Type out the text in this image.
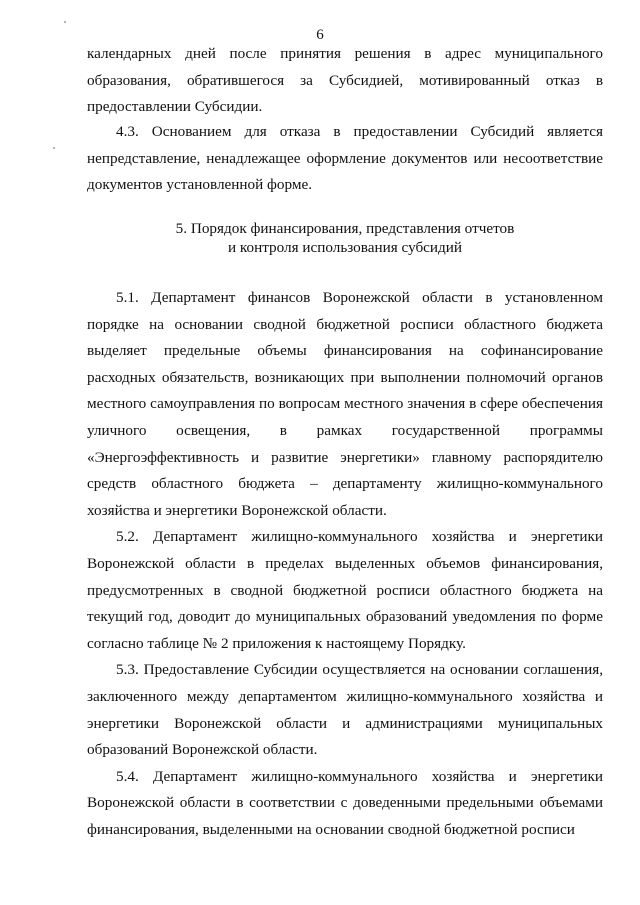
6

календарных дней после принятия решения в адрес муниципального образования, обратившегося за Субсидией, мотивированный отказ в предоставлении Субсидии.

4.3. Основанием для отказа в предоставлении Субсидий является непредставление, ненадлежащее оформление документов или несоответствие документов установленной форме.

5. Порядок финансирования, представления отчетов
и контроля использования субсидий

5.1. Департамент финансов Воронежской области в установленном порядке на основании сводной бюджетной росписи областного бюджета выделяет предельные объемы финансирования на софинансирование расходных обязательств, возникающих при выполнении полномочий органов местного самоуправления по вопросам местного значения в сфере обеспечения уличного освещения, в рамках государственной программы «Энергоэффективность и развитие энергетики» главному распорядителю средств областного бюджета – департаменту жилищно-коммунального хозяйства и энергетики Воронежской области.

5.2. Департамент жилищно-коммунального хозяйства и энергетики Воронежской области в пределах выделенных объемов финансирования, предусмотренных в сводной бюджетной росписи областного бюджета на текущий год, доводит до муниципальных образований уведомления по форме согласно таблице № 2 приложения к настоящему Порядку.

5.3. Предоставление Субсидии осуществляется на основании соглашения, заключенного между департаментом жилищно-коммунального хозяйства и энергетики Воронежской области и администрациями муниципальных образований Воронежской области.

5.4. Департамент жилищно-коммунального хозяйства и энергетики Воронежской области в соответствии с доведенными предельными объемами финансирования, выделенными на основании сводной бюджетной росписи
